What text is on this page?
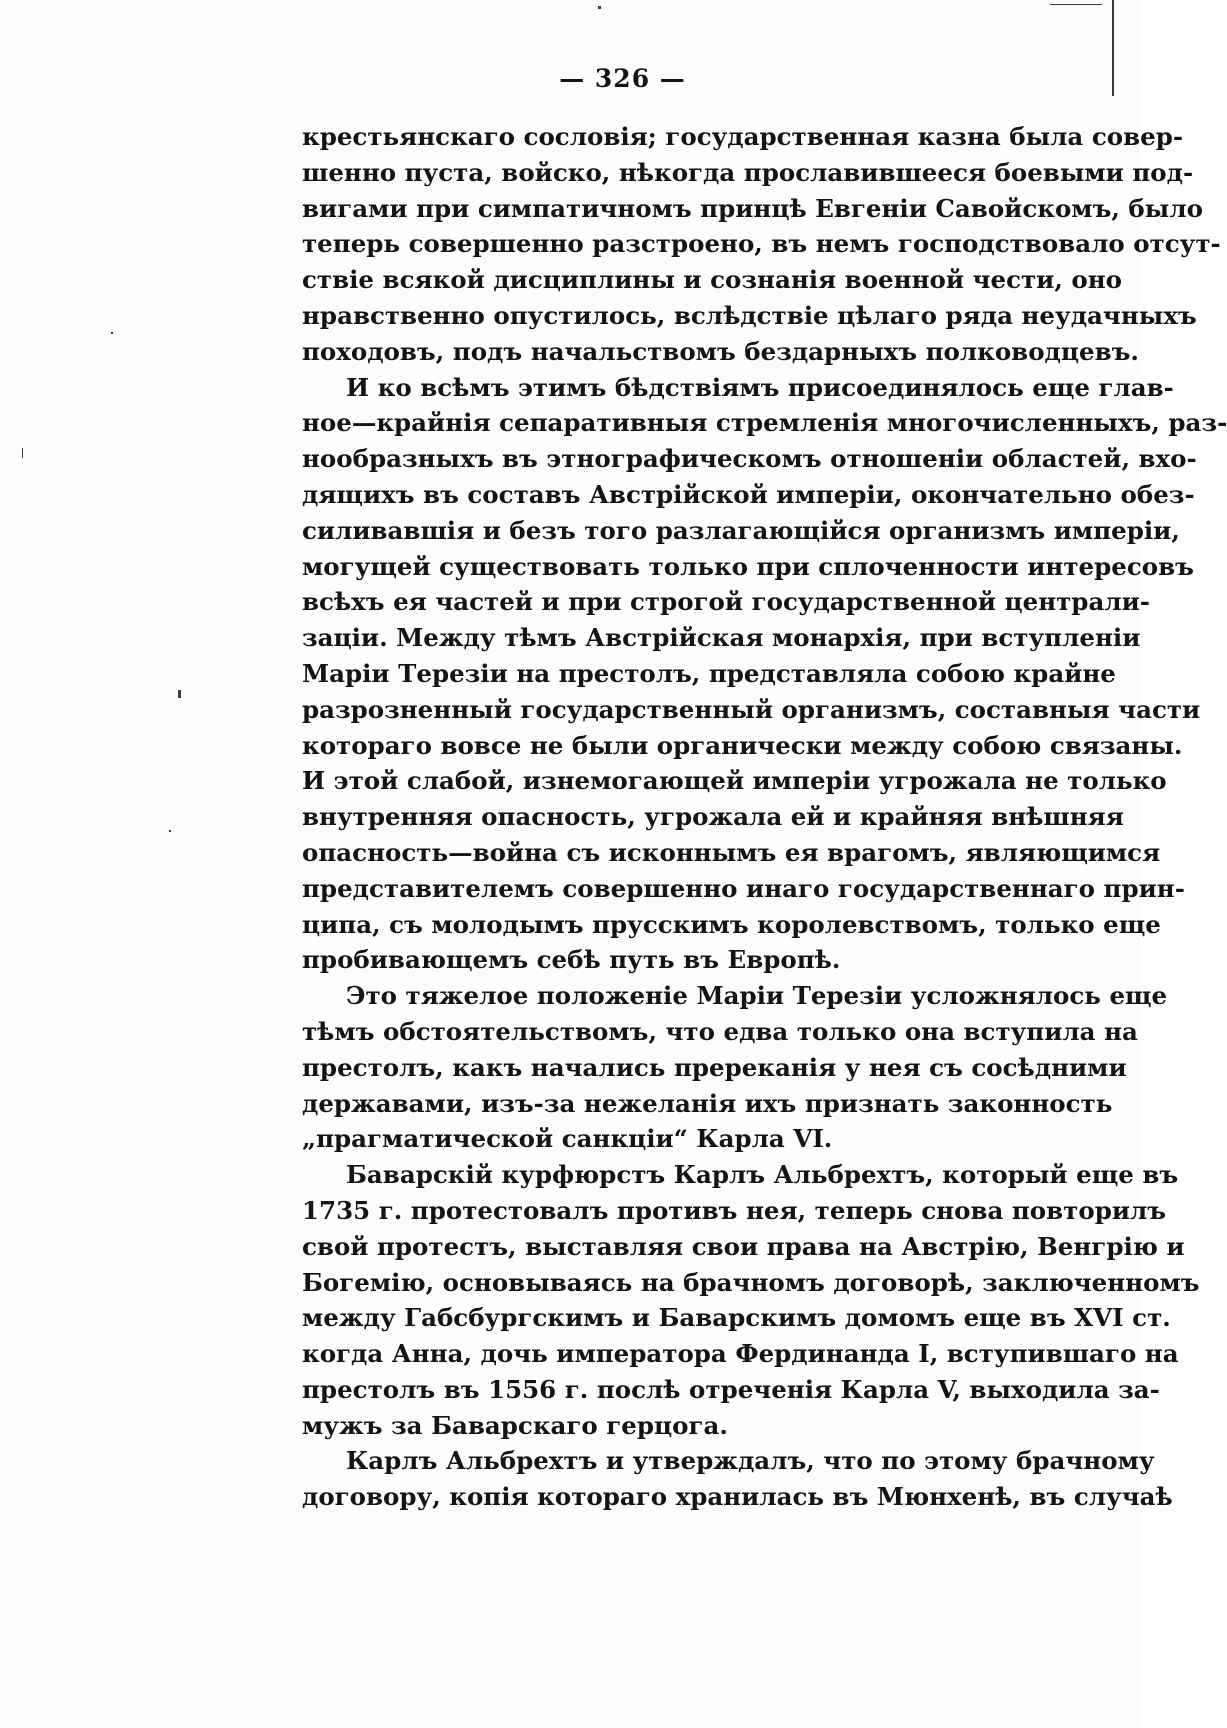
— 326 —
крестьянскаго сословія; государственная казна была совер-
шенно пуста, войско, нѣкогда прославившееся боевыми под-
вигами при симпатичномъ принцѣ Евгеніи Савойскомъ, было
теперь совершенно разстроено, въ немъ господствовало отсут-
ствіе всякой дисциплины и сознанія военной чести, оно
нравственно опустилось, вслѣдствіе цѣлаго ряда неудачныхъ
походовъ, подъ начальствомъ бездарныхъ полководцевъ.
И ко всѣмъ этимъ бѣдствіямъ присоединялось еще глав-
ное—крайнія сепаративныя стремленія многочисленныхъ, раз-
нообразныхъ въ этнографическомъ отношеніи областей, вхо-
дящихъ въ составъ Австрійской имперіи, окончательно обез-
силивавшія и безъ того разлагающійся организмъ имперіи,
могущей существовать только при сплоченности интересовъ
всѣхъ ея частей и при строгой государственной централи-
заціи. Между тѣмъ Австрійская монархія, при вступленіи
Маріи Терезіи на престолъ, представляла собою крайне
разрозненный государственный организмъ, составныя части
котораго вовсе не были органически между собою связаны.
И этой слабой, изнемогающей имперіи угрожала не только
внутренняя опасность, угрожала ей и крайняя внѣшняя
опасность—война съ исконнымъ ея врагомъ, являющимся
представителемъ совершенно инаго государственнаго прин-
ципа, съ молодымъ прусскимъ королевствомъ, только еще
пробивающемъ себѣ путь въ Европѣ.
Это тяжелое положеніе Маріи Терезіи усложнялось еще
тѣмъ обстоятельствомъ, что едва только она вступила на
престолъ, какъ начались пререканія у нея съ сосѣдними
державами, изъ-за нежеланія ихъ признать законность
„прагматической санкціи“ Карла VI.
Баварскій курфюрстъ Карлъ Альбрехтъ, который еще въ
1735 г. протестовалъ противъ нея, теперь снова повторилъ
свой протестъ, выставляя свои права на Австрію, Венгрію и
Богемію, основываясь на брачномъ договорѣ, заключенномъ
между Габсбургскимъ и Баварскимъ домомъ еще въ XVI ст.
когда Анна, дочь императора Фердинанда I, вступившаго на
престолъ въ 1556 г. послѣ отреченія Карла V, выходила за-
мужъ за Баварскаго герцога.
Карлъ Альбрехтъ и утверждалъ, что по этому брачному
договору, копія котораго хранилась въ Мюнхенѣ, въ случаѣ
